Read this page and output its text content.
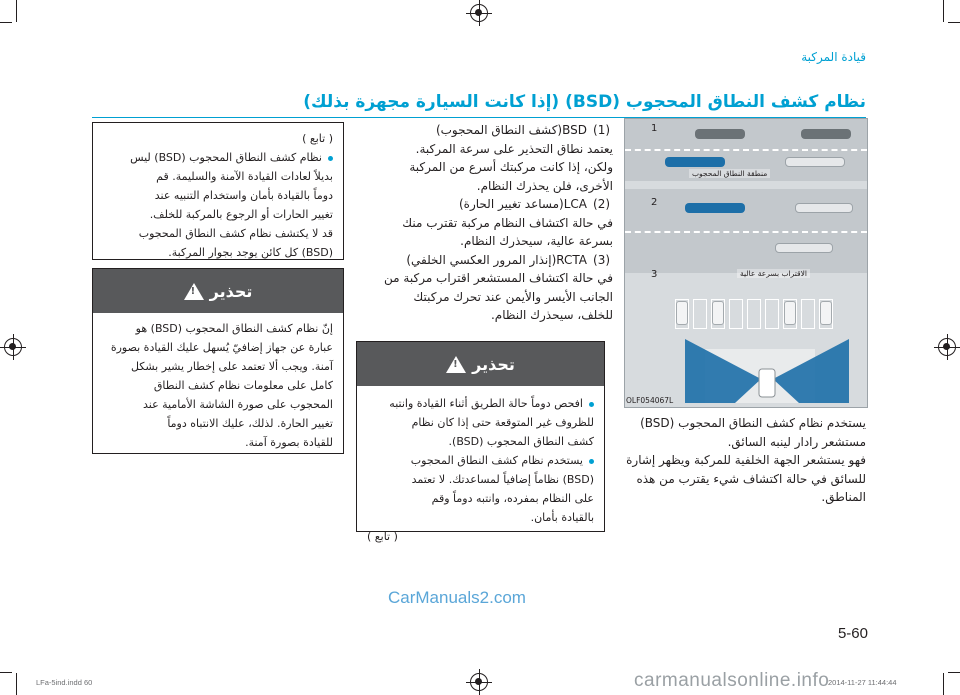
قيادة المركبة
نظام كشف النطاق المحجوب (BSD) (إذا كانت السيارة مجهزة بذلك)
منطقة النطاق المحجوب
الاقتراب بسرعة عالية
1
2
3
OLF054067L

يستخدم نظام كشف النطاق المحجوب (BSD)

مستشعر رادار لينبه السائق.

فهو يستشعر الجهة الخلفية للمركبة ويظهر إشارة

للسائق في حالة اكتشاف شيء يقترب من هذه

المناطق.

(1)
BSD(كشف النطاق المحجوب)

يعتمد نطاق التحذير على سرعة المركبة.

ولكن، إذا كانت مركبتك أسرع من المركبة

الأخرى، فلن يحذرك النظام.

(2)
LCA(مساعد تغيير الحارة)

في حالة اكتشاف النظام مركبة تقترب منك

بسرعة عالية، سيحذرك النظام.

(3)
RCTA(إنذار المرور العكسي الخلفي)

في حالة اكتشاف المستشعر اقتراب مركبة من

الجانب الأيسر والأيمن عند تحرك مركبتك

للخلف، سيحذرك النظام.

( تابع )

نظام كشف النطاق المحجوب (BSD) ليس

بديلاً لعادات القيادة الآمنة والسليمة. قم

دوماً بالقيادة بأمان واستخدام التنبيه عند

تغيير الحارات أو الرجوع بالمركبة للخلف.

قد لا يكتشف نظام كشف النطاق المحجوب

(BSD) كل كائن يوجد بجوار المركبة.

تحذير
!

إنّ نظام كشف النطاق المحجوب (BSD) هو

عبارة عن جهاز إضافيّ يُسهل عليك القيادة بصورة

آمنة. ويجب ألا تعتمد على إخطار يشير بشكل

كامل على معلومات نظام كشف النطاق

المحجوب على صورة الشاشة الأمامية عند

تغيير الحارة. لذلك، عليك الانتباه دوماً

للقيادة بصورة آمنة.

تحذير
!

افحص دوماً حالة الطريق أثناء القيادة وانتبه

للظروف غير المتوقعة حتى إذا كان نظام

كشف النطاق المحجوب (BSD).

يستخدم نظام كشف النطاق المحجوب

(BSD) نظاماً إضافياً لمساعدتك. لا تعتمد

على النظام بمفرده، وانتبه دوماً وقم

بالقيادة بأمان.

( تابع )

CarManuals2.com
5-60
LFa-5ind.indd 60	2014-11-27 11:44:44
carmanualsonline.info
